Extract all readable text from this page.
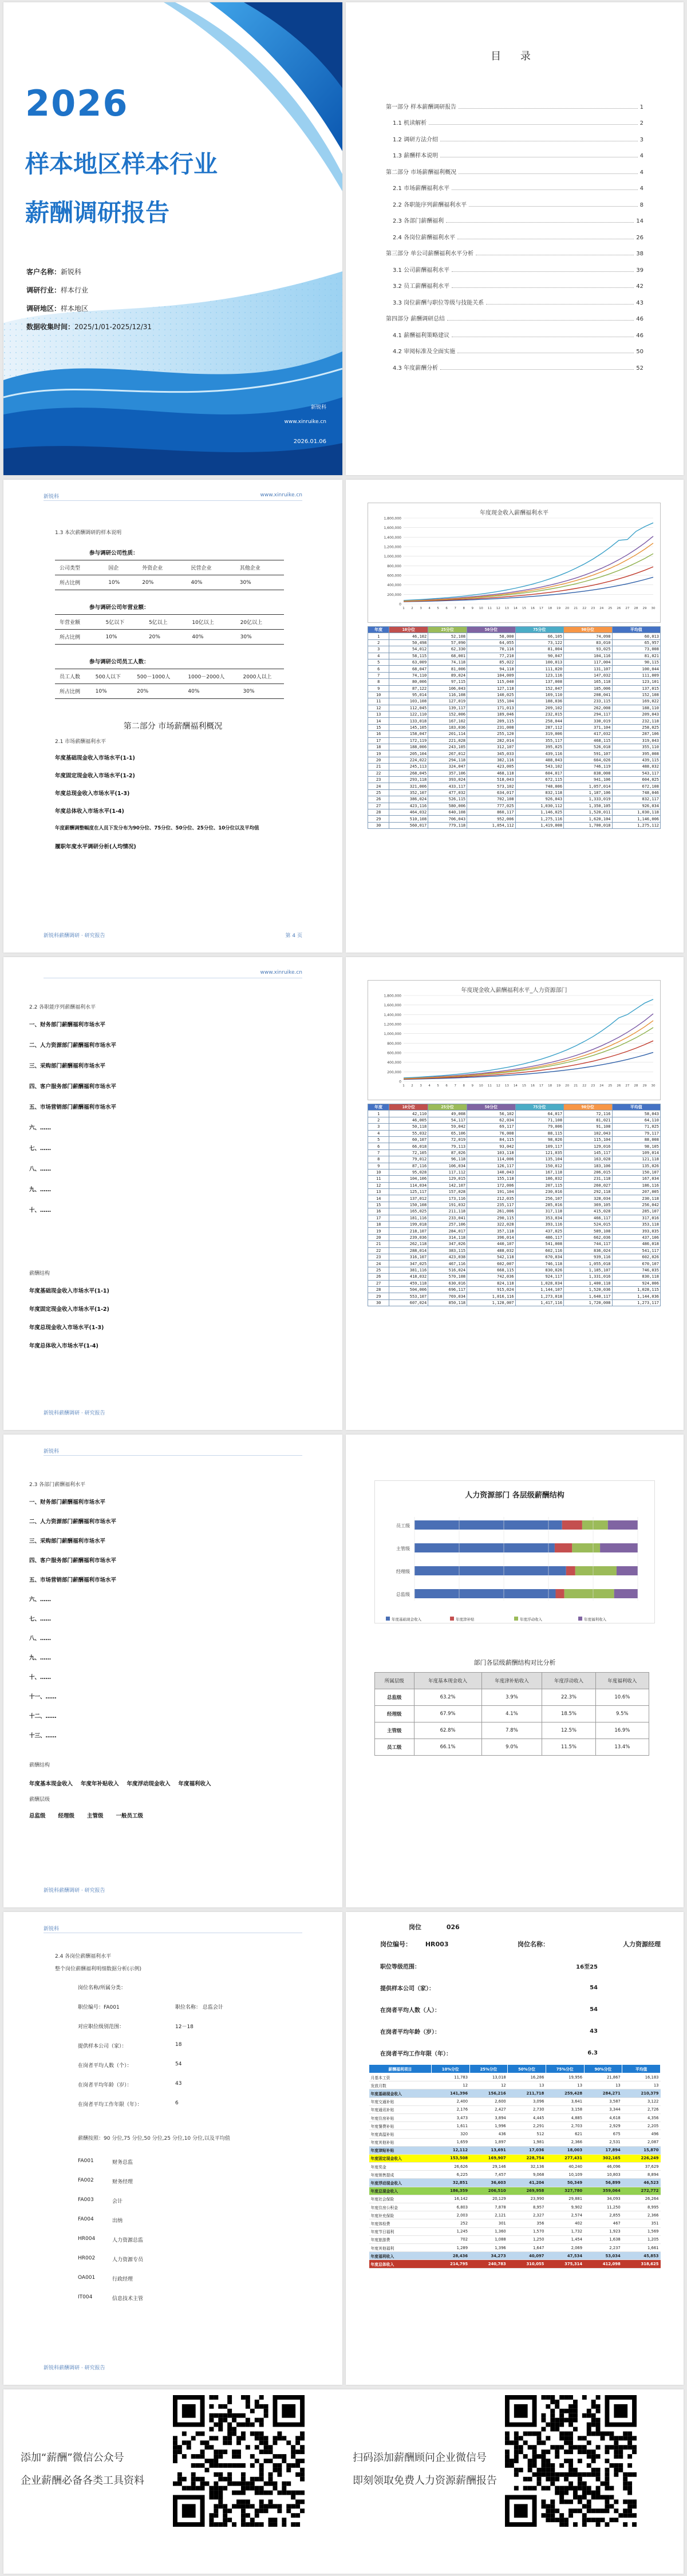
2026
样本地区样本行业
薪酬调研报告
客户名称：新锐科
调研行业：样本行业
调研地区：样本地区
数据收集时间：2025/1/01-2025/12/31
新锐科
www.xinruike.cn
2026.01.06
目 录
第一部分 样本薪酬调研报告	1
1.1 机读解析	2
1.2 调研方法介绍	3
1.3 薪酬样本说明	4
第二部分 市场薪酬福利概况	4
2.1 市场薪酬福利水平	4
2.2 各职能序列薪酬福利水平	8
2.3 各部门薪酬福利	14
2.4 各岗位薪酬福利水平	26
第三部分 单公司薪酬福利水平分析	38
3.1 公司薪酬福利水平	39
3.2 员工薪酬福利水平	42
3.3 岗位薪酬与职位等级与技能关系	43
第四部分 薪酬调研总结	46
4.1 薪酬福利策略建议	46
4.2 审阅标准及全面实施	50
4.3 年度薪酬分析	52
新锐科	www.xinruike.cn
1.3 本次薪酬调研的样本说明
参与调研公司性质：
公司类型	国企	外资企业	民营企业	其他企业
所占比例	10%	20%	40%	30%
参与调研公司年营业额：
年营业额	5亿以下	5亿以上	10亿以上	20亿以上
所占比例	10%	20%	40%	30%
参与调研公司员工人数：
员工人数	500人以下	500－1000人	1000－2000人	2000人以上
所占比例	10%	20%	40%	30%
第二部分 市场薪酬福利概况
2.1 市场薪酬福利水平
年度基础现金收入市场水平(1-1)
年度固定现金收入市场水平(1-2)
年度总现金收入市场水平(1-3)
年度总体收入市场水平(1-4)
年度薪酬调整幅度在人员下发分布为90分位、75分位、50分位、25分位、10分位以及平均值
履职年度水平调研分析(人均情况)
新锐科薪酬调研 · 研究报告	第 4 页
年度现金收入薪酬福利水平
0
200,000
400,000
600,000
800,000
1,000,000
1,200,000
1,400,000
1,600,000
1,800,000
1 2 3 4 5 6 7 8 9 10 11 12 13 14 15 16 17 18 19 20 21 22 23 24 25 26 27 28 29 30
年度	10分位	25分位	50分位	75分位	90分位	平均值
1	46,102	52,108	58,000	66,105	74,098	60,013
2	50,498	57,090	64,055	73,122	83,010	65,957
3	54,012	62,330	70,116	81,004	93,025	73,008
4	58,115	68,001	77,210	90,047	104,116	81,021
5	63,009	74,118	85,022	100,013	117,004	90,115
6	68,047	81,006	94,118	111,020	131,107	100,044
7	74,110	89,024	104,009	123,116	147,032	111,009
8	80,006	97,115	115,040	137,008	165,118	123,101
9	87,122	106,043	127,118	152,047	185,006	137,015
10	95,014	116,108	140,025	169,110	208,041	152,108
11	103,108	127,019	155,104	188,036	233,115	169,022
12	112,045	139,117	171,013	209,102	262,008	188,110
13	122,110	152,006	189,046	232,015	294,117	209,043
14	133,018	167,102	209,115	258,044	330,019	232,118
15	145,105	183,036	231,008	287,112	371,104	258,025
16	158,047	201,114	255,120	319,006	417,032	287,106
17	172,119	221,028	282,014	355,117	468,115	319,043
18	188,006	243,105	312,107	395,025	526,018	355,110
19	205,104	267,012	345,033	439,116	591,107	395,008
20	224,022	294,118	382,116	488,043	664,026	439,115
21	245,113	324,047	423,005	543,102	746,119	488,032
22	268,045	357,106	468,118	604,017	838,008	543,117
23	293,118	393,024	518,043	672,115	941,106	604,025
24	321,006	433,117	573,102	748,006	1,057,014	672,108
25	352,107	477,032	634,017	832,118	1,187,106	748,046
26	386,024	526,115	702,108	926,043	1,333,019	832,117
27	423,116	580,006	777,025	1,030,112	1,350,105	926,034
28	464,032	640,108	860,117	1,146,025	1,520,011	1,030,118
29	510,108	706,043	952,006	1,275,116	1,620,104	1,146,006
30	560,017	779,118	1,054,112	1,419,008	1,700,018	1,275,112
www.xinruike.cn
2.2 各职能序列薪酬福利水平
一、财务部门薪酬福利市场水平
二、人力资源部门薪酬福利市场水平
三、采购部门薪酬福利市场水平
四、客户服务部门薪酬福利市场水平
五、市场营销部门薪酬福利市场水平
六、……
七、……
八、……
九、……
十、……
薪酬结构
年度基础现金收入市场水平(1-1)
年度固定现金收入市场水平(1-2)
年度总现金收入市场水平(1-3)
年度总体收入市场水平(1-4)
新锐科薪酬调研 · 研究报告
年度现金收入薪酬福利水平_人力资源部门
0
200,000
400,000
600,000
800,000
1,000,000
1,200,000
1,400,000
1,600,000
1,800,000
1 2 3 4 5 6 7 8 9 10 11 12 13 14 15 16 17 18 19 20 21 22 23 24 25 26 27 28 29 30
年度	10分位	25分位	50分位	75分位	90分位	平均值
1	42,110	49,008	56,102	64,017	72,116	58,043
2	46,005	54,117	62,034	71,108	81,021	64,110
3	50,118	59,042	69,117	79,006	91,108	71,025
4	55,032	65,106	76,008	88,115	102,043	79,117
5	60,107	72,019	84,115	98,026	115,104	88,008
6	66,018	79,113	93,042	109,117	129,016	98,105
7	72,105	87,026	103,118	121,035	145,117	109,014
8	79,012	96,118	114,006	135,104	163,028	121,118
9	87,116	106,034	126,117	150,012	183,106	135,026
10	95,028	117,112	140,043	167,118	206,015	150,107
11	104,106	129,015	155,118	186,032	231,118	167,034
12	114,034	142,107	172,006	207,115	260,027	186,116
13	125,117	157,028	191,104	230,016	292,118	207,005
14	137,012	173,116	212,035	256,107	328,034	230,118
15	150,108	191,032	235,117	285,016	369,105	256,042
16	165,025	211,118	261,006	317,118	415,028	285,107
17	181,116	233,041	290,115	353,034	466,117	317,016
18	199,018	257,106	322,028	393,116	524,015	353,118
19	218,107	284,017	357,118	437,025	589,108	393,035
20	239,036	314,118	396,014	486,117	662,036	437,106
21	262,118	347,026	440,107	541,008	744,117	486,018
22	288,014	383,115	488,032	602,116	836,024	541,117
23	316,107	423,038	542,118	670,034	939,116	602,026
24	347,025	467,116	602,007	746,118	1,055,018	670,107
25	381,116	516,024	668,115	830,026	1,185,107	746,035
26	418,032	570,108	742,036	924,117	1,331,016	830,118
27	459,118	630,016	824,118	1,028,034	1,400,118	924,006
28	504,006	696,117	915,024	1,144,107	1,520,036	1,028,115
29	553,107	769,034	1,016,116	1,273,018	1,640,117	1,144,036
30	607,024	850,118	1,128,007	1,417,116	1,720,008	1,273,117
新锐科
2.3 各部门薪酬福利水平
一、财务部门薪酬福利市场水平
二、人力资源部门薪酬福利市场水平
三、采购部门薪酬福利市场水平
四、客户服务部门薪酬福利市场水平
五、市场营销部门薪酬福利市场水平
六、……
七、……
八、……
九、……
十、……
十一、……
十二、……
十三、……
薪酬结构
年度基本现金收入 年度年补贴收入 年度浮动现金收入 年度福利收入
薪酬层级
总监级 经理级 主管级 一般员工级
新锐科薪酬调研 · 研究报告
人力资源部门 各层级薪酬结构
员工级
主管级
经理级
总监级
年度基础现金收入	年度津补贴	年度浮动收入	年度福利收入
部门各层级薪酬结构对比分析
所属层级	年度基本现金收入	年度津补贴收入	年度浮动收入	年度福利收入
总监级	63.2%	3.9%	22.3%	10.6%
经理级	67.9%	4.1%	18.5%	9.5%
主管级	62.8%	7.8%	12.5%	16.9%
员工级	66.1%	9.0%	11.5%	13.4%
新锐科
2.4 各岗位薪酬福利水平
整个岗位薪酬福利明细数据分析(示例)
岗位名称/所属分类：
职位编号：FA001	职位名称： 总监会计
对应职位级别范围：	12－18
提供样本公司（家）：	18
在岗者平均人数（个）：	54
在岗者平均年龄（岁）：	43
在岗者平均工作年限（年）：	6
薪酬按照：90 分位,75 分位,50 分位,25 分位,10 分位,以及平均值
FA001	财务总监
FA002	财务经理
FA003	会计
FA004	出纳
HR004	人力资源总监
HR002	人力资源专员
OA001	行政经理
IT004	信息技术主管
新锐科薪酬调研 · 研究报告
岗位	026
岗位编号： HR003	岗位名称：	人力资源经理
职位等级范围：	16至25
提供样本公司（家）：	54
在岗者平均人数（人）：	54
在岗者平均年龄（岁）：	43
在岗者平均工作年限（年）：	6.3
薪酬福利项目	10%分位	25%分位	50%分位	75%分位	90%分位	平均值
月基本工资	11,783	13,018	16,286	19,956	21,867	16,183
发放月数	12	12	13	13	13	13
年度基础现金收入	141,396	156,216	211,718	259,428	284,271	210,379
年度交通补贴	2,400	2,600	3,096	3,641	3,587	3,122
年度通讯补贴	2,176	2,427	2,730	3,158	3,344	2,726
年度住房补贴	3,473	3,894	4,445	4,885	4,618	4,356
年度餐费补贴	1,611	1,996	2,291	2,703	2,929	2,205
年度高温补贴	320	436	512	621	675	496
年度其他补贴	1,659	1,897	1,981	2,366	2,531	2,087
年度津贴补贴	12,112	13,691	17,036	18,003	17,894	15,870
年度固定现金收入	153,508	169,907	228,754	277,431	302,165	226,249
年度奖金	26,626	29,146	32,136	40,240	46,096	37,629
年度销售提成	6,225	7,457	9,068	10,109	10,803	8,894
年度浮动现金收入	32,851	36,603	41,204	50,349	56,899	46,523
年度总现金收入	186,359	206,510	269,958	327,780	359,064	272,772
年度社会保险	16,142	20,129	23,990	29,881	34,093	26,264
年度住房公积金	6,803	7,878	8,957	9,902	11,250	8,995
年度补充保险	2,003	2,121	2,327	2,574	2,855	2,366
年度体检费	252	301	356	402	467	351
年度节日福利	1,245	1,360	1,570	1,732	1,923	1,569
年度旅游费	702	1,088	1,250	1,454	1,638	1,205
年度其他福利	1,289	1,396	1,647	2,069	2,237	1,661
年度福利收入	28,436	34,273	40,097	47,534	53,034	45,853
年度总体收入	214,795	240,783	310,055	375,314	412,098	318,625
添加“薪酬”微信公众号
企业薪酬必备各类工具资料
扫码添加薪酬顾问企业微信号
即刻领取免费人力资源薪酬报告
